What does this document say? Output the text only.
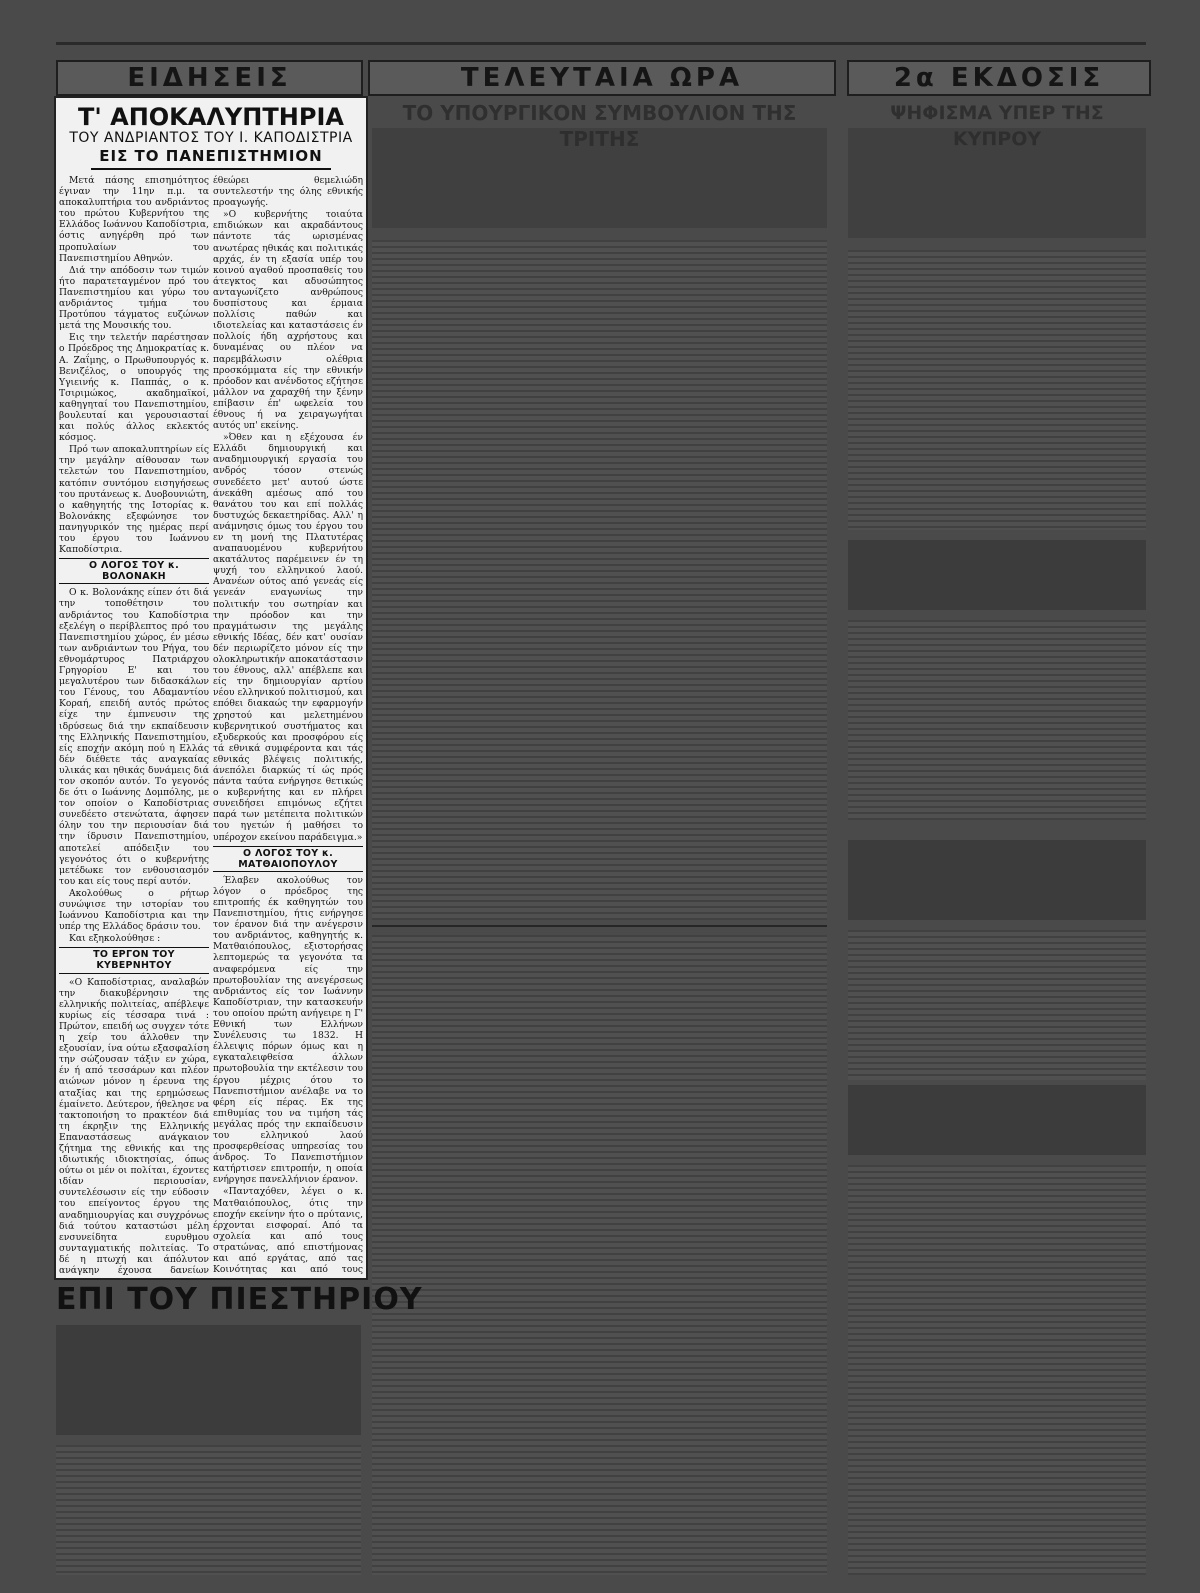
ΕΙΔΗΣΕΙΣ	ΤΕΛΕΥΤΑΙΑ ΩΡΑ	2α ΕΚΔΟΣΙΣ
ΤΟ ΥΠΟΥΡΓΙΚΟΝ ΣΥΜΒΟΥΛΙΟΝ ΤΗΣ ΤΡΙΤΗΣ
ΨΗΦΙΣΜΑ ΥΠΕΡ ΤΗΣ ΚΥΠΡΟΥ
ΕΠΙ ΤΟΥ ΠΙΕΣΤΗΡΙΟΥ
Τ' ΑΠΟΚΑΛΥΠΤΗΡΙΑ
ΤΟΥ ΑΝΔΡΙΑΝΤΟΣ ΤΟΥ Ι. ΚΑΠΟΔΙΣΤΡΙΑ
ΕΙΣ ΤΟ ΠΑΝΕΠΙΣΤΗΜΙΟΝ

Μετά πάσης επισημότητος έγιναν την 11ην π.μ. τα αποκαλυπτήρια του ανδριάντος του πρώτου Κυβερνήτου της Ελλάδος Ιωάννου Καποδίστρια, όστις ανηγέρθη πρό των προπυλαίων του Πανεπιστημίου Αθηνών.

Διά την απόδοσιν των τιμών ήτο παρατεταγμένον πρό του Πανεπιστημίου και γύρω του ανδριάντος τμήμα του Προτύπου τάγματος ευζώνων μετά της Μουσικής του.

Εις την τελετήν παρέστησαν ο Πρόεδρος της Δημοκρατίας κ. Α. Ζαΐμης, ο Πρωθυπουργός κ. Βενιζέλος, ο υπουργός της Υγιεινής κ. Παππάς, ο κ. Τσιριμώκος, ακαδημαϊκοί, καθηγηταί του Πανεπιστημίου, βουλευταί και γερουσιασταί και πολύς άλλος εκλεκτός κόσμος.

Πρό των αποκαλυπτηρίων είς την μεγάλην αίθουσαν των τελετών του Πανεπιστημίου, κατόπιν συντόμου εισηγήσεως του πρυτάνεως κ. Δυοβουνιώτη, ο καθηγητής της Ιστορίας κ. Βολονάκης εξεφώνησε τον πανηγυρικόν της ημέρας περί του έργου του Ιωάννου Καποδίστρια.

Ο ΛΟΓΟΣ ΤΟΥ κ. ΒΟΛΟΝΑΚΗ

Ο κ. Βολονάκης είπεν ότι διά την τοποθέτησιν του ανδριάντος του Καποδίστρια εξελέγη ο περίβλεπτος πρό του Πανεπιστημίου χώρος, έν μέσω των ανδριάντων του Ρήγα, του εθνομάρτυρος Πατριάρχου Γρηγορίου Ε' και του μεγαλυτέρου των διδασκάλων του Γένους, του Αδαμαντίου Κοραή, επειδή αυτός πρώτος είχε την έμπνευσιν της ιδρύσεως διά την εκπαίδευσιν της Ελληνικής Πανεπιστημίου, είς εποχήν ακόμη πού η Ελλάς δέν διέθετε τάς αναγκαίας υλικάς και ηθικάς δυνάμεις διά τον σκοπόν αυτόν. Το γεγονός δε ότι ο Ιωάννης Δομπόλης, με τον οποίον ο Καποδίστριας συνεδέετο στενώτατα, άφησεν όλην του την περιουσίαν διά την ίδρυσιν Πανεπιστημίου, αποτελεί απόδειξιν του γεγονότος ότι ο κυβερνήτης μετέδωκε τον ενθουσιασμόν του και είς τους περί αυτόν.

Ακολούθως ο ρήτωρ συνώψισε την ιστορίαν του Ιωάννου Καποδίστρια και την υπέρ της Ελλάδος δράσιν του.

Και εξηκολούθησε :

ΤΟ ΕΡΓΟΝ ΤΟΥ ΚΥΒΕΡΝΗΤΟΥ

«Ο Καποδίστριας, αναλαβών την διακυβέρνησιν της ελληνικής πολιτείας, απέβλεψε κυρίως είς τέσσαρα τινά : Πρώτον, επειδή ως συγχεν τότε η χείρ του άλλοθεν την εξουσίαν, ίνα ούτω εξασφαλίση την σώζουσαν τάξιν εν χώρα, έν ή από τεσσάρων και πλέον αιώνων μόνον η έρευνα της αταξίας και της ερημώσεως έμαίνετο. Δεύτερον, ήθελησε να τακτοποιήση το πρακτέον διά τη έκρηξιν της Ελληνικής Επαναστάσεως ανάγκαιον ζήτημα της εθνικής και της ιδιωτικής ιδιοκτησίας, όπως ούτω οι μέν οι πολίται, έχοντες ιδίαν περιουσίαν, συντελέσωσιν είς την εύδοσιν του επείγοντος έργου της αναδημιουργίας και συγχρόνως διά τούτου καταστώσι μέλη ενσυνείδητα ευρυθμου συνταγματικής πολιτείας. Το δέ η πτωχή και άπόλυτον ανάγκην έχουσα δανείων

έθεώρει θεμελιώδη συντελεστήν της όλης εθνικής προαγωγής.

»Ο κυβερνήτης τοιαύτα επιδιώκων και ακραδάντους πάντοτε τάς ωρισμένας ανωτέρας ηθικάς και πολιτικάς αρχάς, έν τη εξασία υπέρ του κοινού αγαθού προσπαθείς του άτεγκτος και αδυσώπητος ανταγωνίζετο ανθρώπους δυσπίστους και έρμαια πολλίσις παθών και ιδιοτελείας και καταστάσεις έν πολλοίς ήδη αχρήστους και δυναμένας ου πλέον να παρεμβάλωσιν ολέθρια προσκόμματα είς την εθνικήν πρόοδον και ανένδοτος εζήτησε μάλλον να χαραχθή την ξένην επίβασιν έπ' ωφελεία του έθνους ή να χειραγωγήται αυτός υπ' εκείνης.

»Όθεν και η εξέχουσα έν Ελλάδι δημιουργική και αναδημιουργική εργασία του ανδρός τόσον στενώς συνεδέετο μετ' αυτού ώστε άνεκάθη αμέσως από του θανάτου του και επί πολλάς δυστυχώς δεκαετηρίδας. Αλλ' η ανάμνησις όμως του έργου του εν τη μονή της Πλατυτέρας αναπαυομένου κυβερνήτου ακατάλυτος παρέμεινεν έν τη ψυχή του ελληνικού λαού. Ανανέων ούτος από γενεάς είς γενεάν εναγωνίως την πολιτικήν του σωτηρίαν και την πρόοδον και την πραγμάτωσιν της μεγάλης εθνικής Ιδέας, δέν κατ' ουσίαν δέν περιωρίζετο μόνον είς την ολοκληρωτικήν αποκατάστασιν του έθνους, αλλ' απέβλεπε και είς την δημιουργίαν αρτίου νέου ελληνικού πολιτισμού, και επόθει διακαώς την εφαρμογήν χρηστού και μελετημένου κυβερνητικού συστήματος και εξυδερκούς και προσφόρου είς τά εθνικά συμφέροντα και τάς εθνικάς βλέψεις πολιτικής, άνεπόλει διαρκώς τί ώς πρός πάντα ταύτα ενήργησε θετικώς ο κυβερνήτης και εν πλήρει συνειδήσει επιμόνως εζήτει παρά των μετέπειτα πολιτικών του ηγετών ή μαθήσει το υπέροχον εκείνου παράδειγμα.»

Ο ΛΟΓΟΣ ΤΟΥ κ. ΜΑΤΘΑΙΟΠΟΥΛΟΥ

Έλαβεν ακολούθως τον λόγον ο πρόεδρος της επιτροπής έκ καθηγητών του Πανεπιστημίου, ήτις ενήργησε τον έρανον διά την ανέγερσιν του ανδριάντος, καθηγητής κ. Ματθαιόπουλος, εξιστορήσας λεπτομερώς τα γεγονότα τα αναφερόμενα είς την πρωτοβουλίαν της ανεγέρσεως ανδριάντος είς τον Ιωάννην Καποδίστριαν, την κατασκευήν του οποίου πρώτη ανήγειρε η Γ' Εθνική των Ελλήνων Συνέλευσις τω 1832. Η έλλειψις πόρων όμως και η εγκαταλειφθείσα άλλων πρωτοβουλία την εκτέλεσιν του έργου μέχρις ότου το Πανεπιστήμιον ανέλαβε να το φέρη είς πέρας. Εκ της επιθυμίας του να τιμήση τάς μεγάλας πρός την εκπαίδευσιν του ελληνικού λαού προσφερθείσας υπηρεσίας του άνδρος. Το Πανεπιστήμιον κατήρτισεν επιτροπήν, η οποία ενήργησε πανελλήνιον έρανον.

«Πανταχόθεν, λέγει ο κ. Ματθαιόπουλος, ότις την εποχήν εκείνην ήτο ο πρύτανις, έρχονται εισφοραί. Από τα σχολεία και από τους στρατώνας, από επιστήμονας και από εργάτας, από τας Κοινότητας και από τους
